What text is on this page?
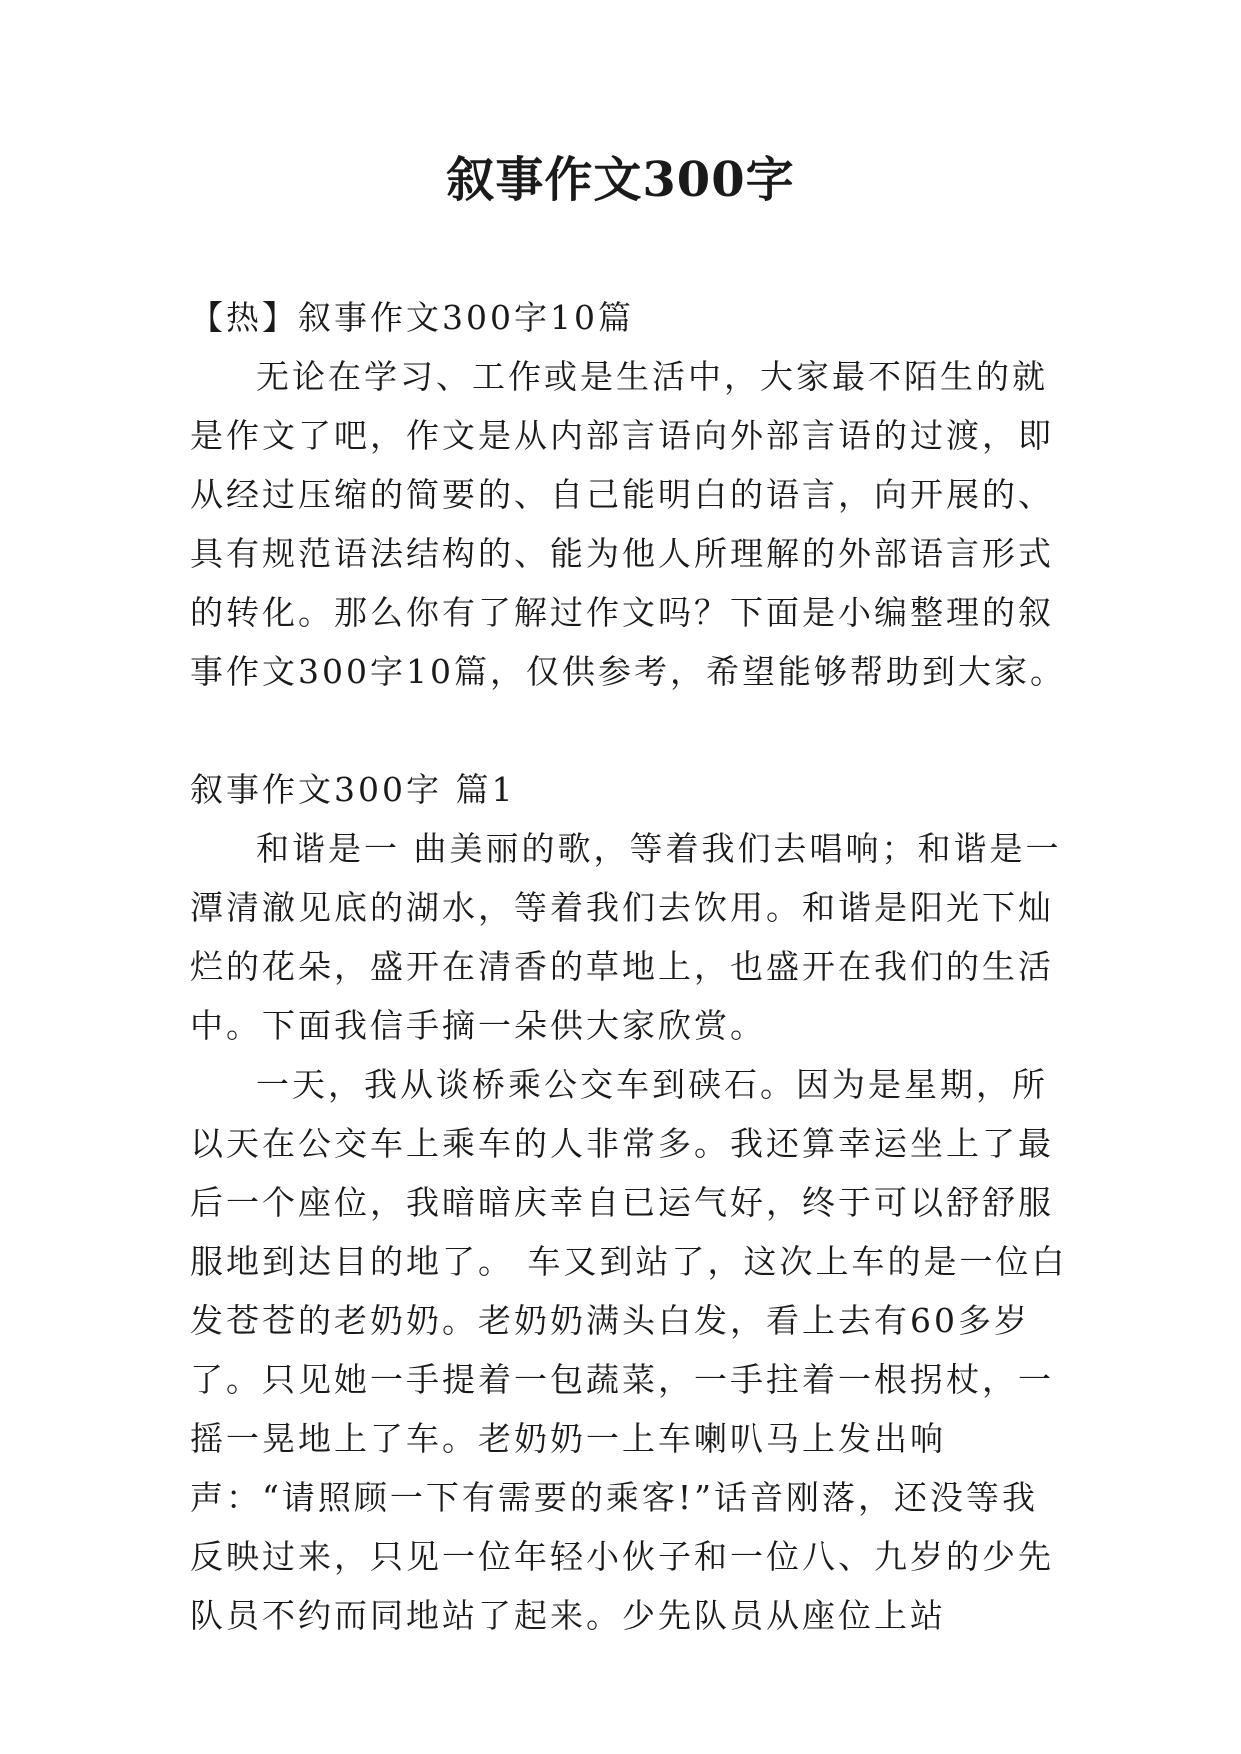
叙事作文300字

【热】叙事作文300字10篇

无论在学习、工作或是生活中，大家最不陌生的就是作文了吧，作文是从内部言语向外部言语的过渡，即从经过压缩的简要的、自己能明白的语言，向开展的、具有规范语法结构的、能为他人所理解的外部语言形式的转化。那么你有了解过作文吗？下面是小编整理的叙事作文300字10篇，仅供参考，希望能够帮助到大家。

叙事作文300字 篇1

和谐是一 曲美丽的歌，等着我们去唱响；和谐是一潭清澈见底的湖水，等着我们去饮用。和谐是阳光下灿烂的花朵，盛开在清香的草地上，也盛开在我们的生活中。下面我信手摘一朵供大家欣赏。

一天，我从谈桥乘公交车到硖石。因为是星期，所以天在公交车上乘车的人非常多。我还算幸运坐上了最后一个座位，我暗暗庆幸自已运气好，终于可以舒舒服服地到达目的地了。 车又到站了，这次上车的是一位白发苍苍的老奶奶。老奶奶满头白发，看上去有60多岁了。只见她一手提着一包蔬菜，一手拄着一根拐杖，一摇一晃地上了车。老奶奶一上车喇叭马上发出响声：“请照顾一下有需要的乘客!”话音刚落，还没等我反映过来，只见一位年轻小伙子和一位八、九岁的少先队员不约而同地站了起来。少先队员从座位上站
